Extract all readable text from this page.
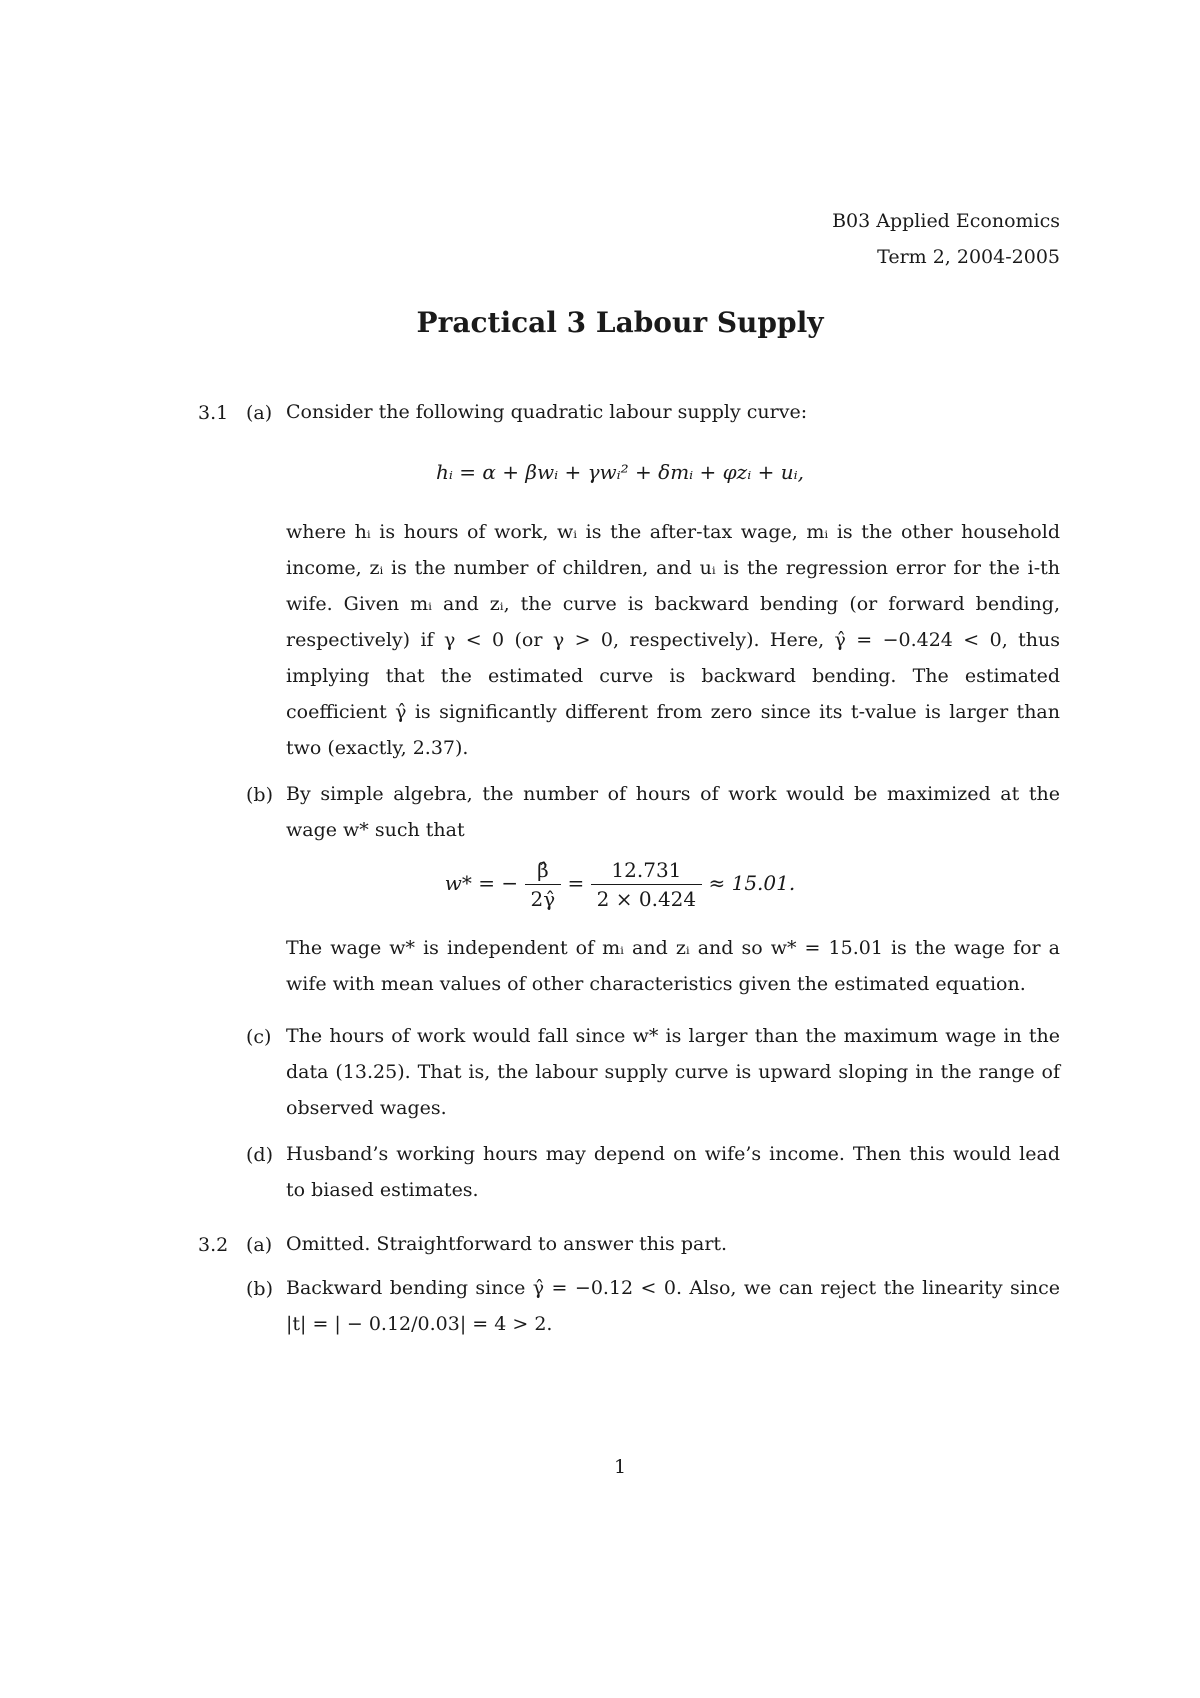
B03 Applied Economics
Term 2, 2004-2005
Practical 3 Labour Supply
3.1 (a) Consider the following quadratic labour supply curve:

hᵢ = α + βwᵢ + γwᵢ² + δmᵢ + φzᵢ + uᵢ,

where hᵢ is hours of work, wᵢ is the after-tax wage, mᵢ is the other household income, zᵢ is the number of children, and uᵢ is the regression error for the i-th wife. Given mᵢ and zᵢ, the curve is backward bending (or forward bending, respectively) if γ < 0 (or γ > 0, respectively). Here, γ̂ = −0.424 < 0, thus implying that the estimated curve is backward bending. The estimated coefficient γ̂ is significantly different from zero since its t-value is larger than two (exactly, 2.37).

(b) By simple algebra, the number of hours of work would be maximized at the wage w* such that

w* = − $\frac{\betâ}{2\gammâ} = \frac{12.731}{2 \times 0.424} \approx 15.01$.

The wage w* is independent of mᵢ and zᵢ and so w* = 15.01 is the wage for a wife with mean values of other characteristics given the estimated equation.

(c) The hours of work would fall since w* is larger than the maximum wage in the data (13.25). That is, the labour supply curve is upward sloping in the range of observed wages.

(d) Husband’s working hours may depend on wife’s income. Then this would lead to biased estimates.

3.2 (a) Omitted. Straightforward to answer this part.

(b) Backward bending since γ̂ = −0.12 < 0. Also, we can reject the linearity since |t| = | − 0.12/0.03| = 4 > 2.

1
